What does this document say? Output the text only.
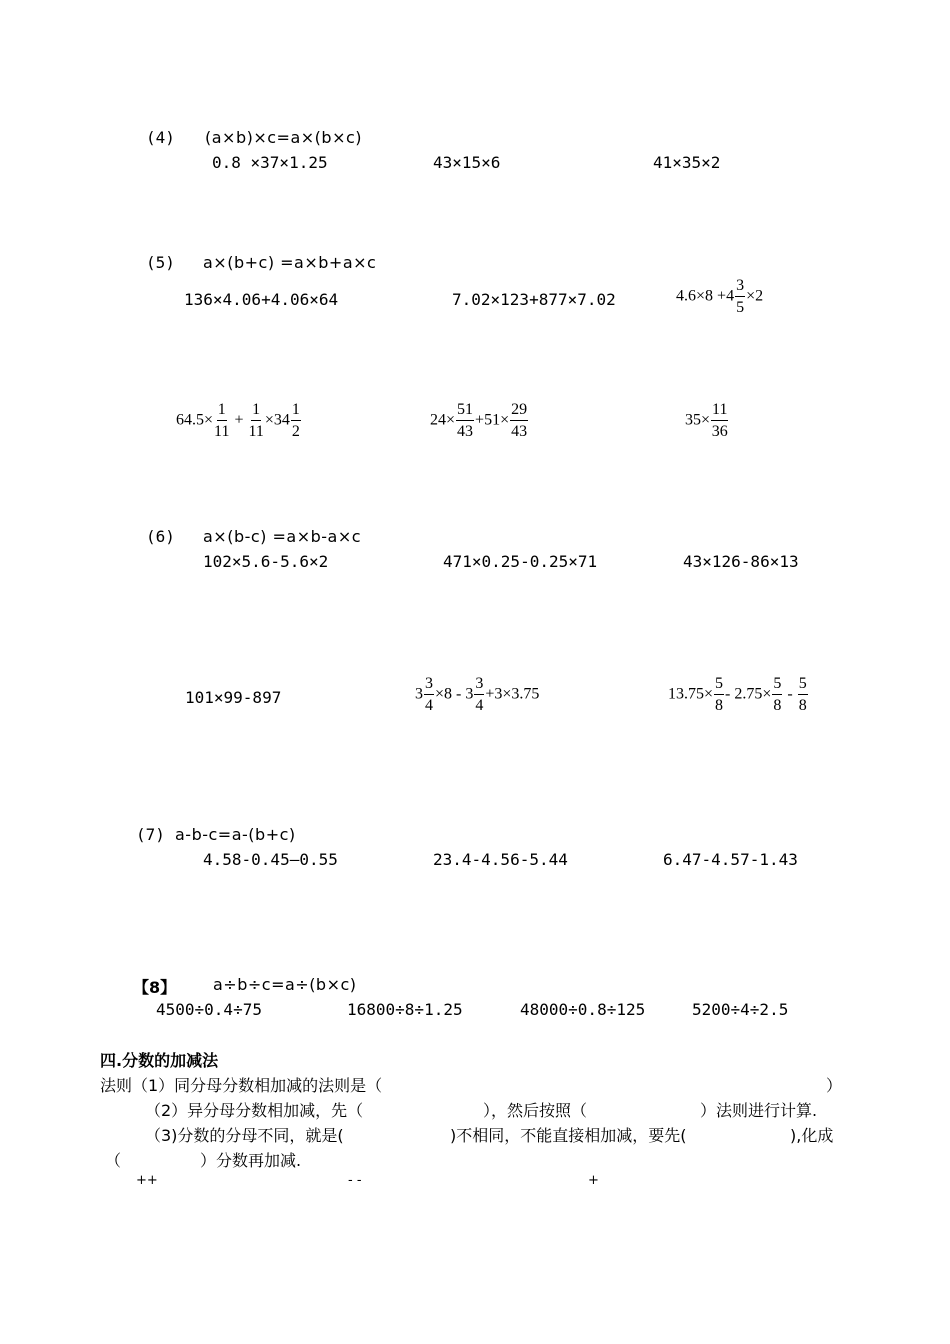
(4) (a×b)×c=a×(b×c)
0.8 ×37×1.25	43×15×6	41×35×2
(5) a×(b+c) =a×b+a×c
136×4.06+4.06×64	7.02×123+877×7.02	$4.6\times 8 +4 \frac{3}{5} \times 2$
$64.5\times \frac{1}{11} + \frac{1}{11} \times 34 \frac{1}{2}$	$24\times \frac{51}{43} +51\times \frac{29}{43}$	$35\times \frac{11}{36}$
(6) a×(b-c) =a×b-a×c
102×5.6-5.6×2	471×0.25-0.25×71	43×126-86×13
101×99-897	$3 \frac{3}{4} \times 8 - 3 \frac{3}{4} +3\times 3.75$	$13.75\times \frac{5}{8} - 2.75\times \frac{5}{8} - \frac{5}{8}$
(7) a-b-c=a-(b+c)
4.58-0.45—0.55	23.4-4.56-5.44	6.47-4.57-1.43
【8】 a÷b÷c=a÷(b×c)
4500÷0.4÷75	16800÷8÷1.25	48000÷0.8÷125	5200÷4÷2.5
四.分数的加减法
法则（1）同分母分数相加减的法则是（	）
（2）异分母分数相加减，先（	），然后按照（	）法则进行计算.
（3)分数的分母不同，就是(	)不相同，不能直接相加减，要先(	),化成
（	）分数再加减.
++	- -	+
